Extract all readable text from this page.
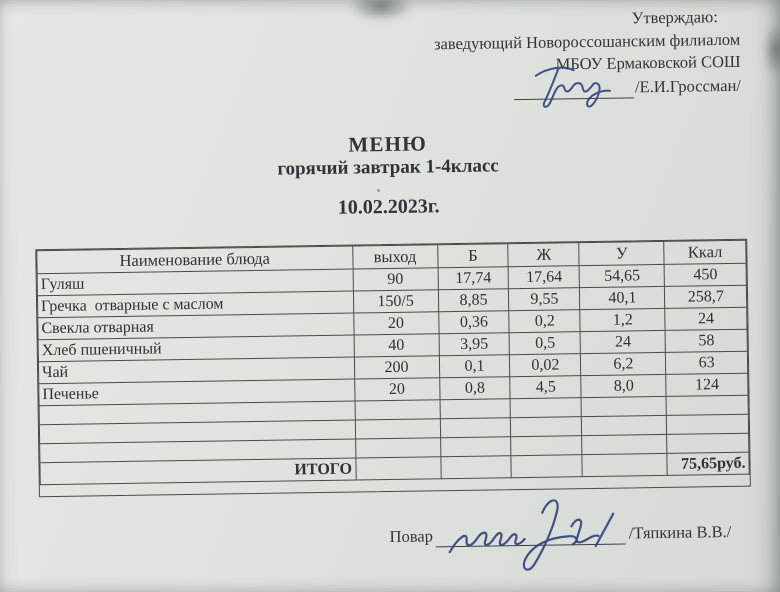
Утверждаю:
заведующий Новороссошанским филиалом
МБОУ Ермаковской СОШ
/Е.И.Гроссман/
МЕНЮ
горячий завтрак 1-4класс
10.02.2023г.
Наименование блюда	выход	Б	Ж	У	Ккал
Гуляш	90	17,74	17,64	54,65	450
Гречка  отварные с маслом	150/5	8,85	9,55	40,1	258,7
Свекла отварная	20	0,36	0,2	1,2	24
Хлеб пшеничный	40	3,95	0,5	24	58
Чай	200	0,1	0,02	6,2	63
Печенье	20	0,8	4,5	8,0	124

ИТОГО					75,65руб.
Повар	/Тяпкина В.В./
